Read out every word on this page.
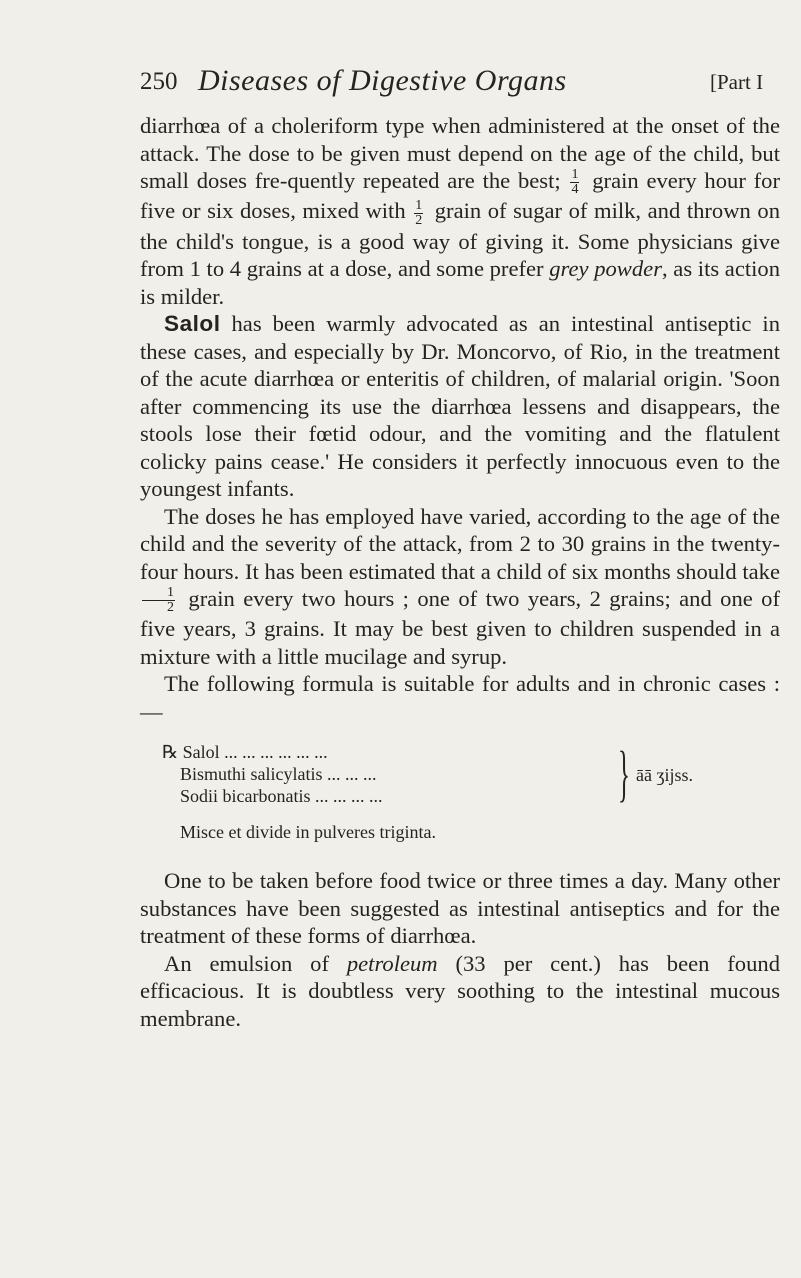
250 Diseases of Digestive Organs	[Part I

diarrhœa of a choleriform type when administered at the onset of the attack. The dose to be given must depend on the age of the child, but small doses fre-quently repeated are the best; $\frac{1}{4}$ grain every hour for five or six doses, mixed with $\frac{1}{2}$ grain of sugar of milk, and thrown on the child's tongue, is a good way of giving it. Some physicians give from 1 to 4 grains at a dose, and some prefer grey powder, as its action is milder.

Salol has been warmly advocated as an intestinal antiseptic in these cases, and especially by Dr. Moncorvo, of Rio, in the treatment of the acute diarrhœa or enteritis of children, of malarial origin. 'Soon after commencing its use the diarrhœa lessens and disappears, the stools lose their fœtid odour, and the vomiting and the flatulent colicky pains cease.' He considers it perfectly innocuous even to the youngest infants.

The doses he has employed have varied, according to the age of the child and the severity of the attack, from 2 to 30 grains in the twenty-four hours. It has been estimated that a child of six months should take
$\frac{1}{2}$ grain every two hours ; one of two years, 2 grains; and one of five years, 3 grains. It may be best given to children suspended in a mixture with a little mucilage and syrup.

The following formula is suitable for adults and in chronic cases :—

℞ Salol ... ... ... ... ... ...
Bismuthi salicylatis ... ... ...
Sodii bicarbonatis ... ... ... ...	} āā ʒijss.
Misce et divide in pulveres triginta.

One to be taken before food twice or three times a day. Many other substances have been suggested as intestinal antiseptics and for the treatment of these forms of diarrhœa.

An emulsion of petroleum (33 per cent.) has been found efficacious. It is doubtless very soothing to the intestinal mucous membrane.
